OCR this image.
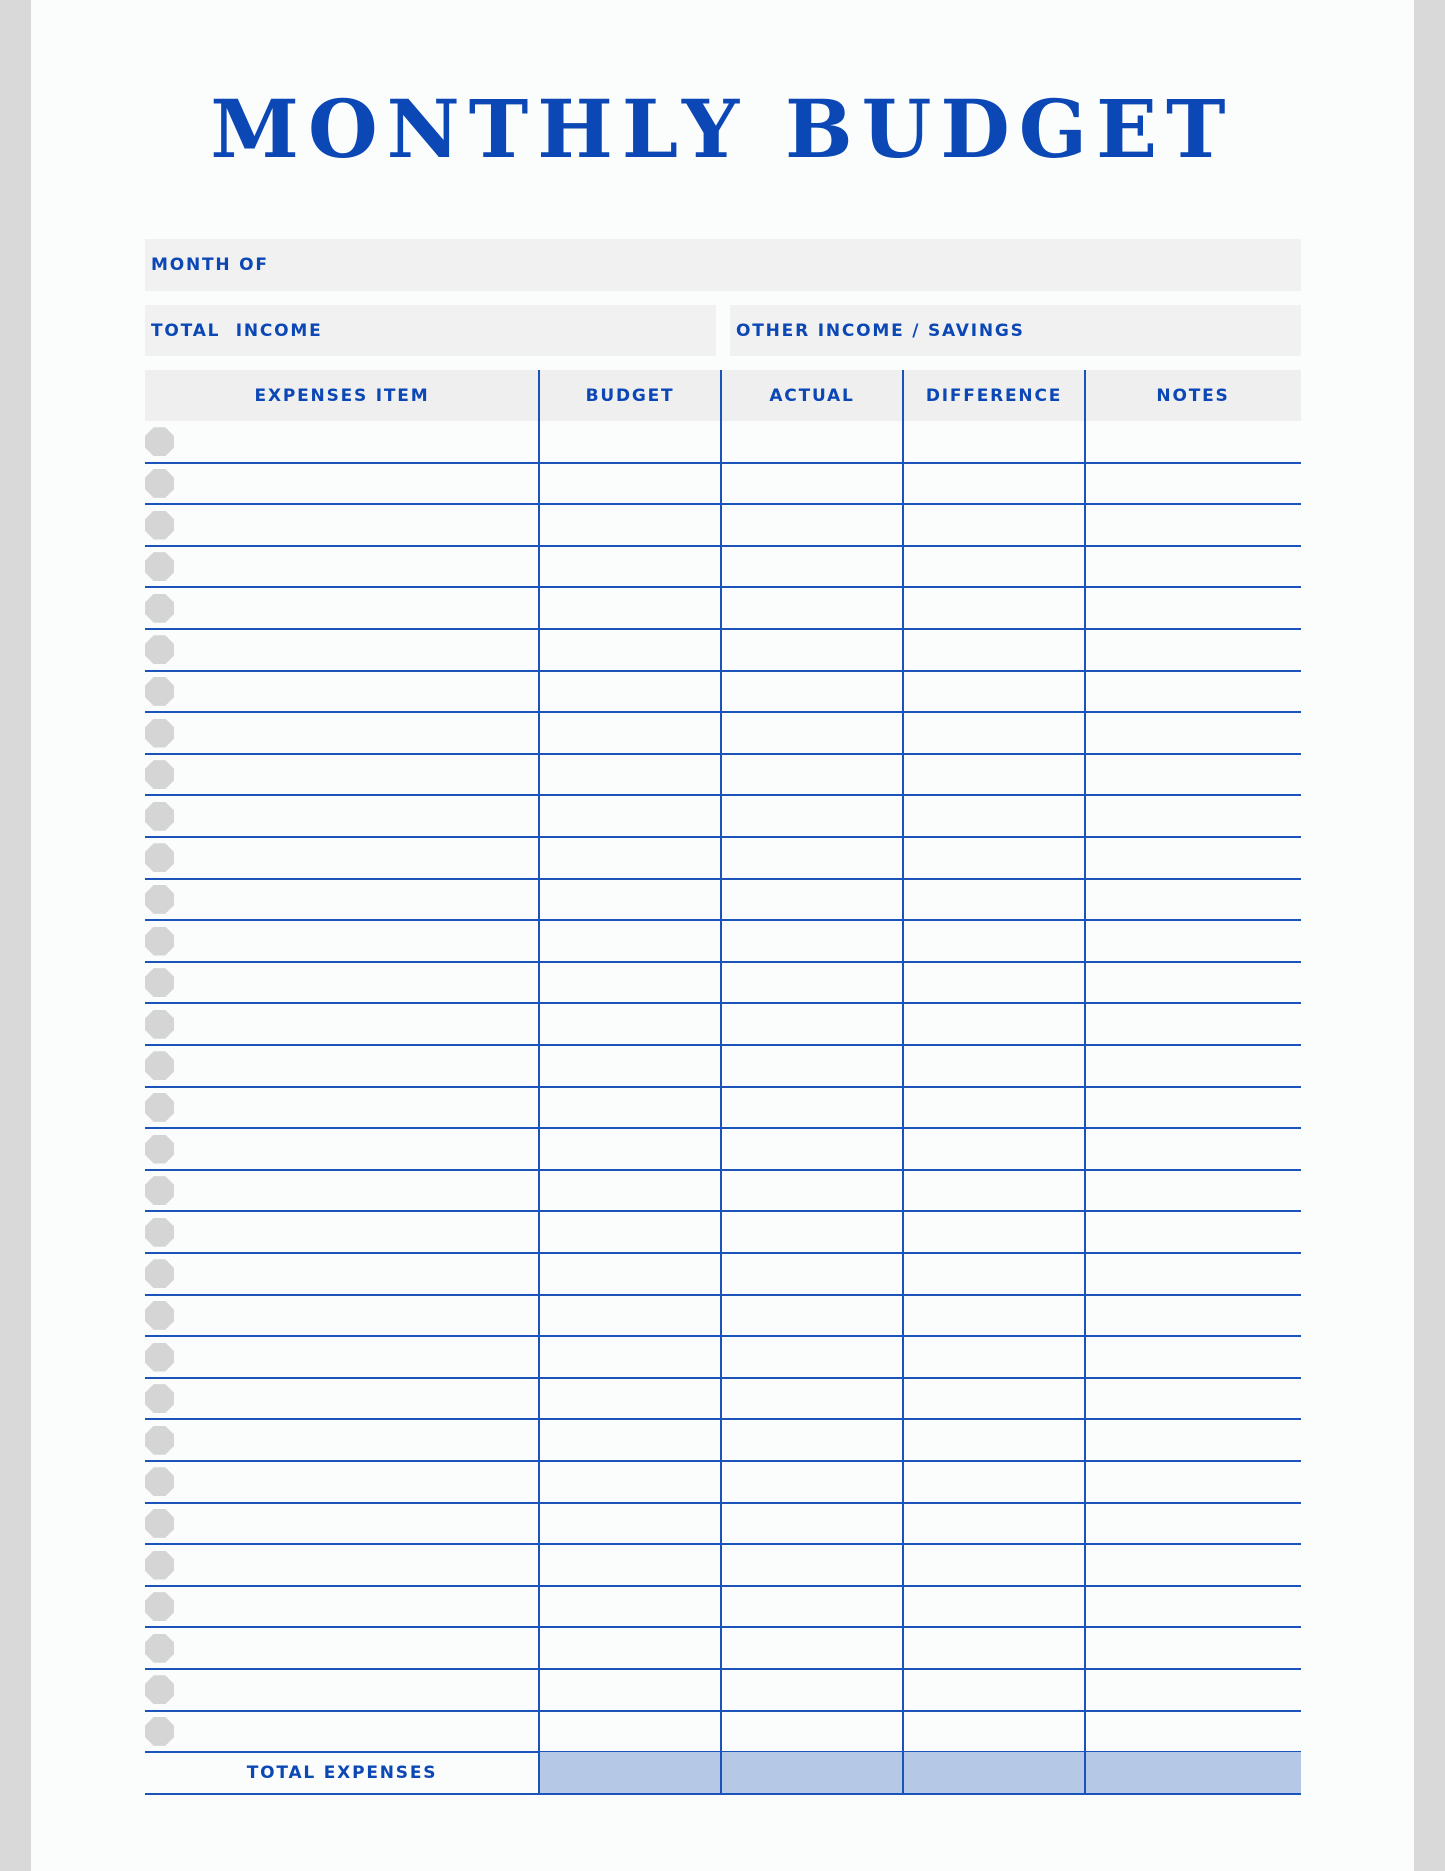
MONTHLY BUDGET
MONTH OF
TOTAL  INCOME	OTHER INCOME / SAVINGS
EXPENSES ITEM	BUDGET	ACTUAL	DIFFERENCE	NOTES
TOTAL EXPENSES
